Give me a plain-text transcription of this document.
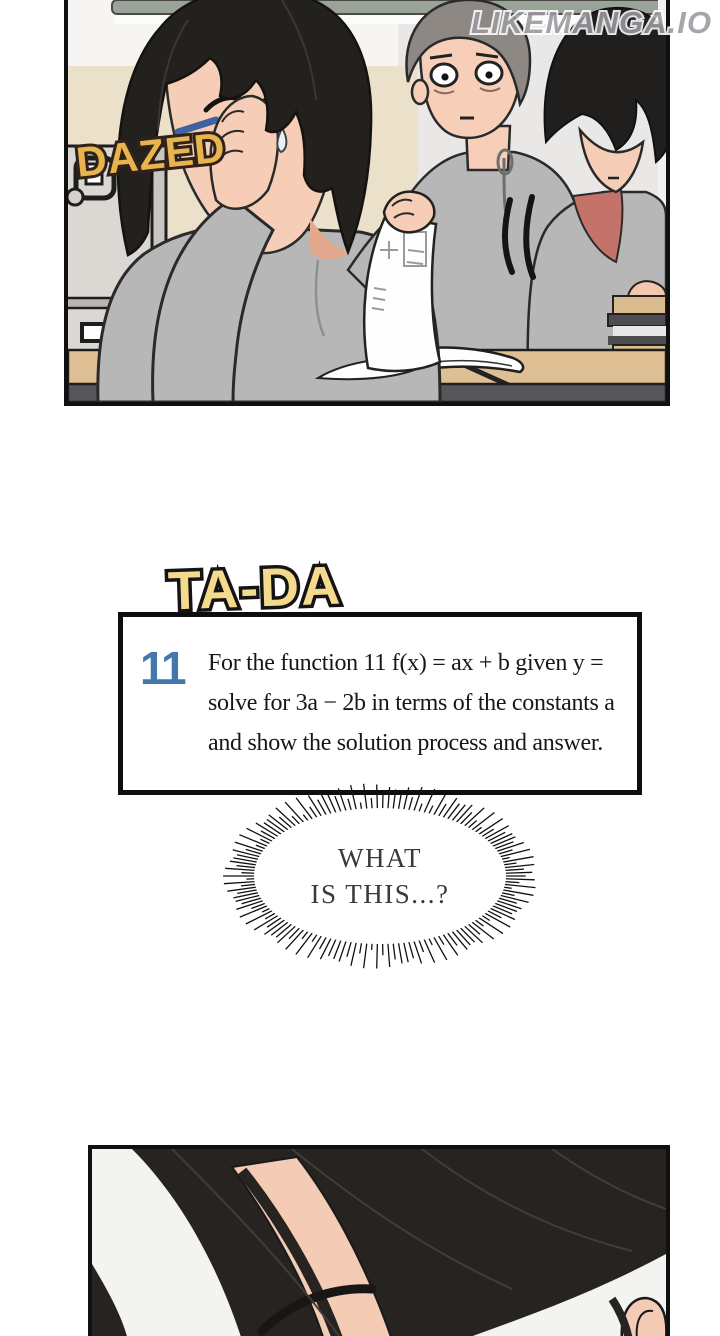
LIKEMANGA.IO
DAZED
TA-DA
11 For the function 11 f(x) = ax + b given y =
solve for 3a − 2b in terms of the constants a
and show the solution process and answer.
WHAT
IS THIS...?
